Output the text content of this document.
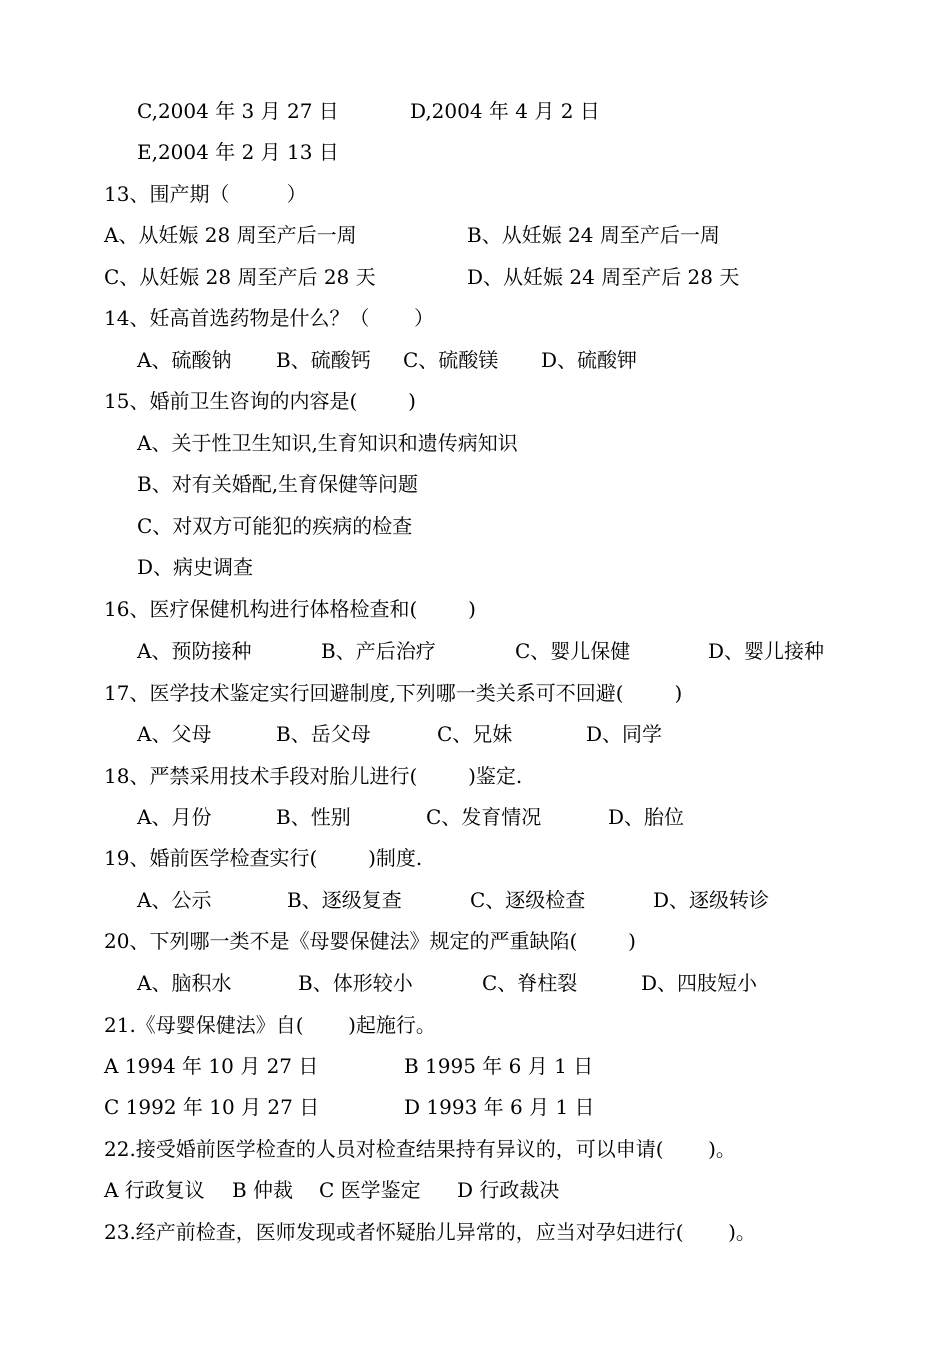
C,2004 年 3 月 27 日

	D,2004 年 4 月 2 日

E,2004 年 2 月 13 日

13、围产期（         ）

A、从妊娠 28 周至产后一周

	B、从妊娠 24 周至产后一周

C、从妊娠 28 周至产后 28 天

	D、从妊娠 24 周至产后 28 天

14、妊高首选药物是什么？（       ）

A、硫酸钠

B、硫酸钙

C、硫酸镁

D、硫酸钾

15、婚前卫生咨询的内容是(        )

A、关于性卫生知识,生育知识和遗传病知识

B、对有关婚配,生育保健等问题

C、对双方可能犯的疾病的检查

D、病史调查

16、医疗保健机构进行体格检查和(        )

A、预防接种

	B、产后治疗

	C、婴儿保健

	D、婴儿接种

17、医学技术鉴定实行回避制度,下列哪一类关系可不回避(        )

A、父母

	B、岳父母

	C、兄妹

	D、同学

18、严禁采用技术手段对胎儿进行(        )鉴定.

A、月份

	B、性别

	C、发育情况

	D、胎位

19、婚前医学检查实行(        )制度.

A、公示

	B、逐级复查

	C、逐级检查

	D、逐级转诊

20、下列哪一类不是《母婴保健法》规定的严重缺陷(        )

A、脑积水

	B、体形较小

	C、脊柱裂

	D、四肢短小

21.《母婴保健法》自(       )起施行。

A 1994 年 10 月 27 日

	B 1995 年 6 月 1 日

C 1992 年 10 月 27 日

	D 1993 年 6 月 1 日

22.接受婚前医学检查的人员对检查结果持有异议的，可以申请(       )。

A 行政复议

B 仲裁

C 医学鉴定

D 行政裁决

23.经产前检查，医师发现或者怀疑胎儿异常的，应当对孕妇进行(       )。
